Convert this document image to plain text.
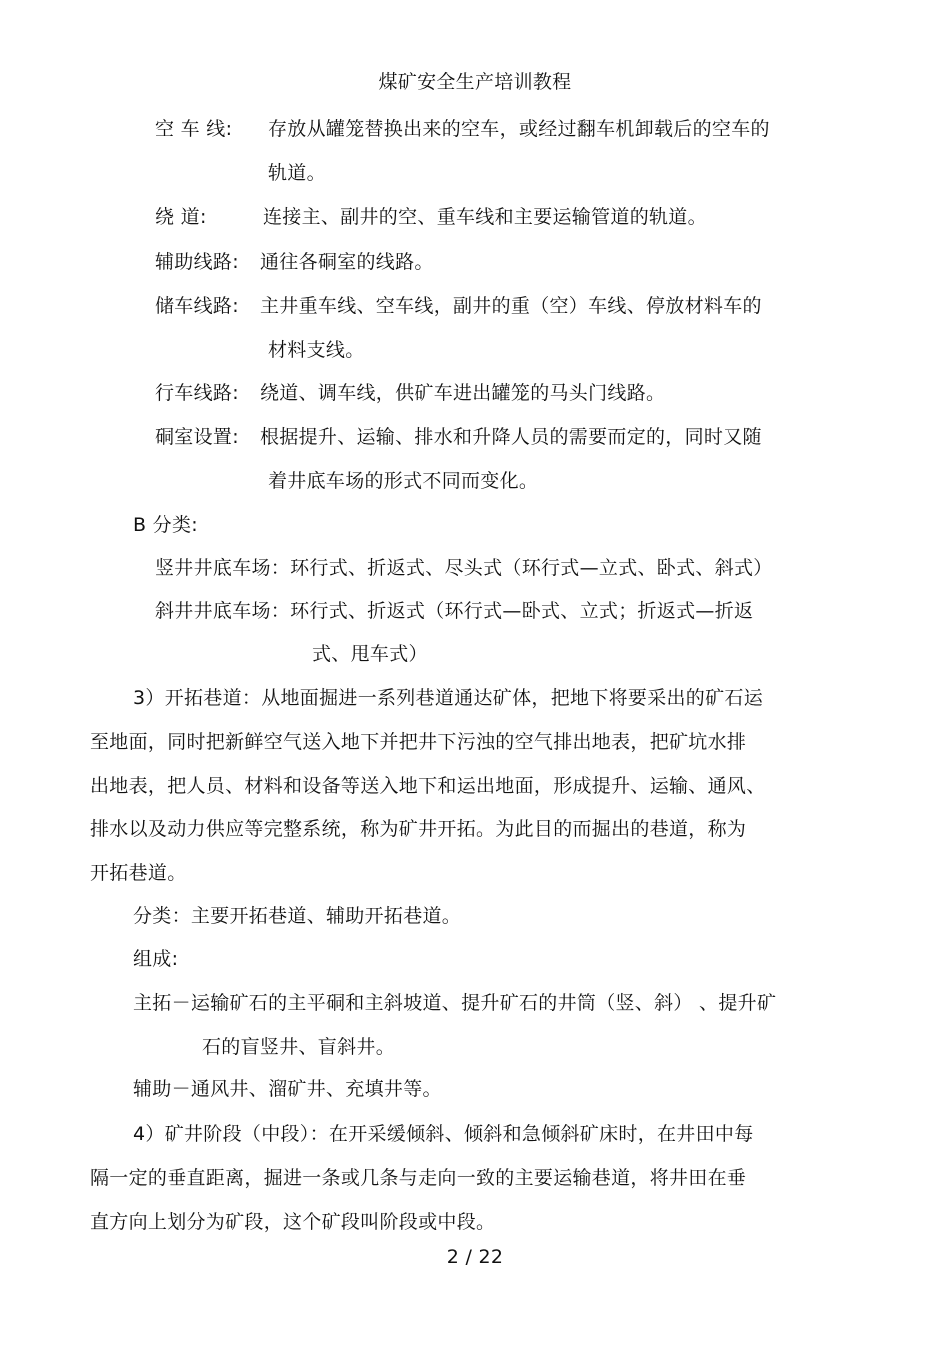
煤矿安全生产培训教程
空 车 线: 存放从罐笼替换出来的空车，或经过翻车机卸载后的空车的
轨道。
绕 道:	连接主、副井的空、重车线和主要运输管道的轨道。
辅助线路: 通往各硐室的线路。
储车线路: 主井重车线、空车线，副井的重（空）车线、停放材料车的
材料支线。
行车线路: 绕道、调车线，供矿车进出罐笼的马头门线路。
硐室设置: 根据提升、运输、排水和升降人员的需要而定的，同时又随
着井底车场的形式不同而变化。
B 分类:
竖井井底车场：环行式、折返式、尽头式（环行式—立式、卧式、斜式）
斜井井底车场：环行式、折返式（环行式—卧式、立式；折返式—折返
式、甩车式）
3）开拓巷道：从地面掘进一系列巷道通达矿体，把地下将要采出的矿石运
至地面，同时把新鲜空气送入地下并把井下污浊的空气排出地表，把矿坑水排
出地表，把人员、材料和设备等送入地下和运出地面，形成提升、运输、通风、
排水以及动力供应等完整系统，称为矿井开拓。为此目的而掘出的巷道，称为
开拓巷道。
分类：主要开拓巷道、辅助开拓巷道。
组成:
主拓－运输矿石的主平硐和主斜坡道、提升矿石的井筒（竖、斜） 、提升矿
石的盲竖井、盲斜井。
辅助－通风井、溜矿井、充填井等。
4）矿井阶段（中段）：在开采缓倾斜、倾斜和急倾斜矿床时，在井田中每
隔一定的垂直距离，掘进一条或几条与走向一致的主要运输巷道，将井田在垂
直方向上划分为矿段，这个矿段叫阶段或中段。
2 / 22
